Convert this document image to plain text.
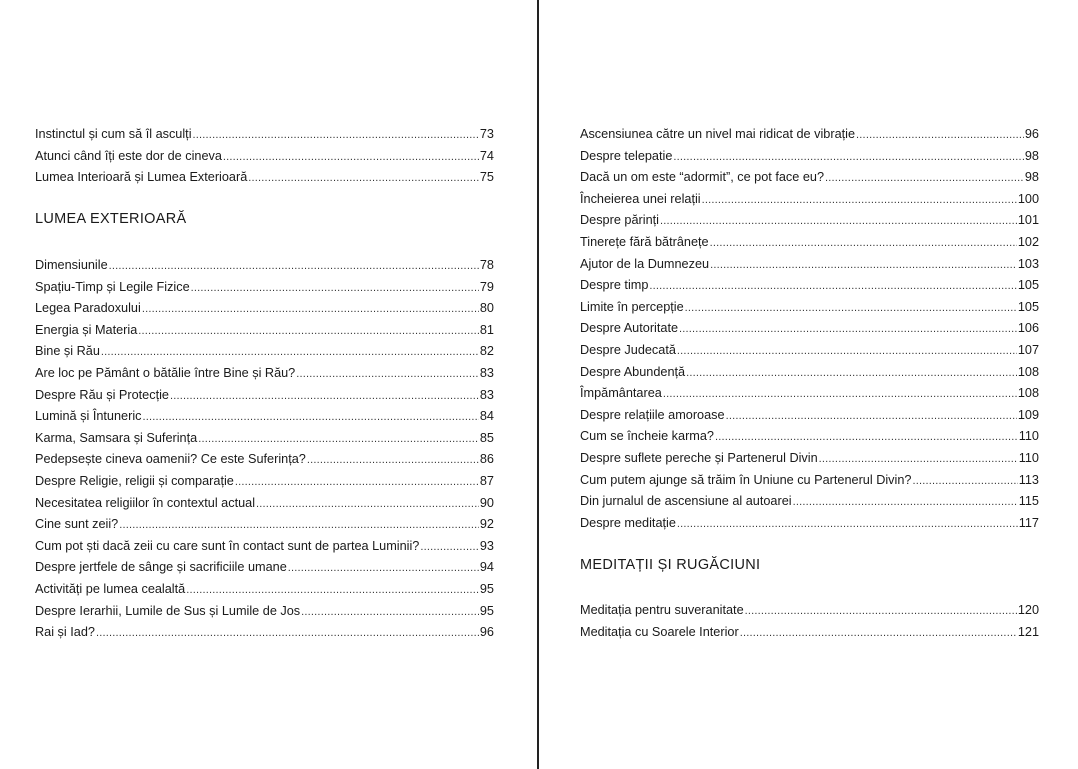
Instinctul și cum să îl asculți .....	73
Atunci când îți este dor de cineva .....	74
Lumea Interioară și Lumea Exterioară .....	75
LUMEA EXTERIOARĂ
Dimensiunile .....	78
Spațiu-Timp și Legile Fizice .....	79
Legea Paradoxului .....	80
Energia și Materia .....	81
Bine și Rău .....	82
Are loc pe Pământ o bătălie între Bine și Rău? .....	83
Despre Rău și Protecție .....	83
Lumină și Întuneric .....	84
Karma, Samsara și Suferința .....	85
Pedepsește cineva oamenii? Ce este Suferința? .....	86
Despre Religie, religii și comparație .....	87
Necesitatea religiilor în contextul actual .....	90
Cine sunt zeii? .....	92
Cum pot ști dacă zeii cu care sunt în contact sunt de partea Luminii? .....	93
Despre jertfele de sânge și sacrificiile umane .....	94
Activități pe lumea cealaltă .....	95
Despre Ierarhii, Lumile de Sus și Lumile de Jos .....	95
Rai și Iad? .....	96
Ascensiunea către un nivel mai ridicat de vibrație .....	96
Despre telepatie .....	98
Dacă un om este “adormit”, ce pot face eu? .....	98
Încheierea unei relații .....	100
Despre părinți .....	101
Tinerețe fără bătrânețe .....	102
Ajutor de la Dumnezeu .....	103
Despre timp .....	105
Limite în percepție .....	105
Despre Autoritate .....	106
Despre Judecată .....	107
Despre Abundență .....	108
Împământarea .....	108
Despre relațiile amoroase .....	109
Cum se încheie karma? .....	110
Despre suflete pereche și Partenerul Divin .....	110
Cum putem ajunge să trăim în Uniune cu Partenerul Divin? .....	113
Din jurnalul de ascensiune al autoarei .....	115
Despre meditație .....	117
MEDITAȚII ȘI RUGĂCIUNI
Meditația pentru suveranitate .....	120
Meditația cu Soarele Interior .....	121
